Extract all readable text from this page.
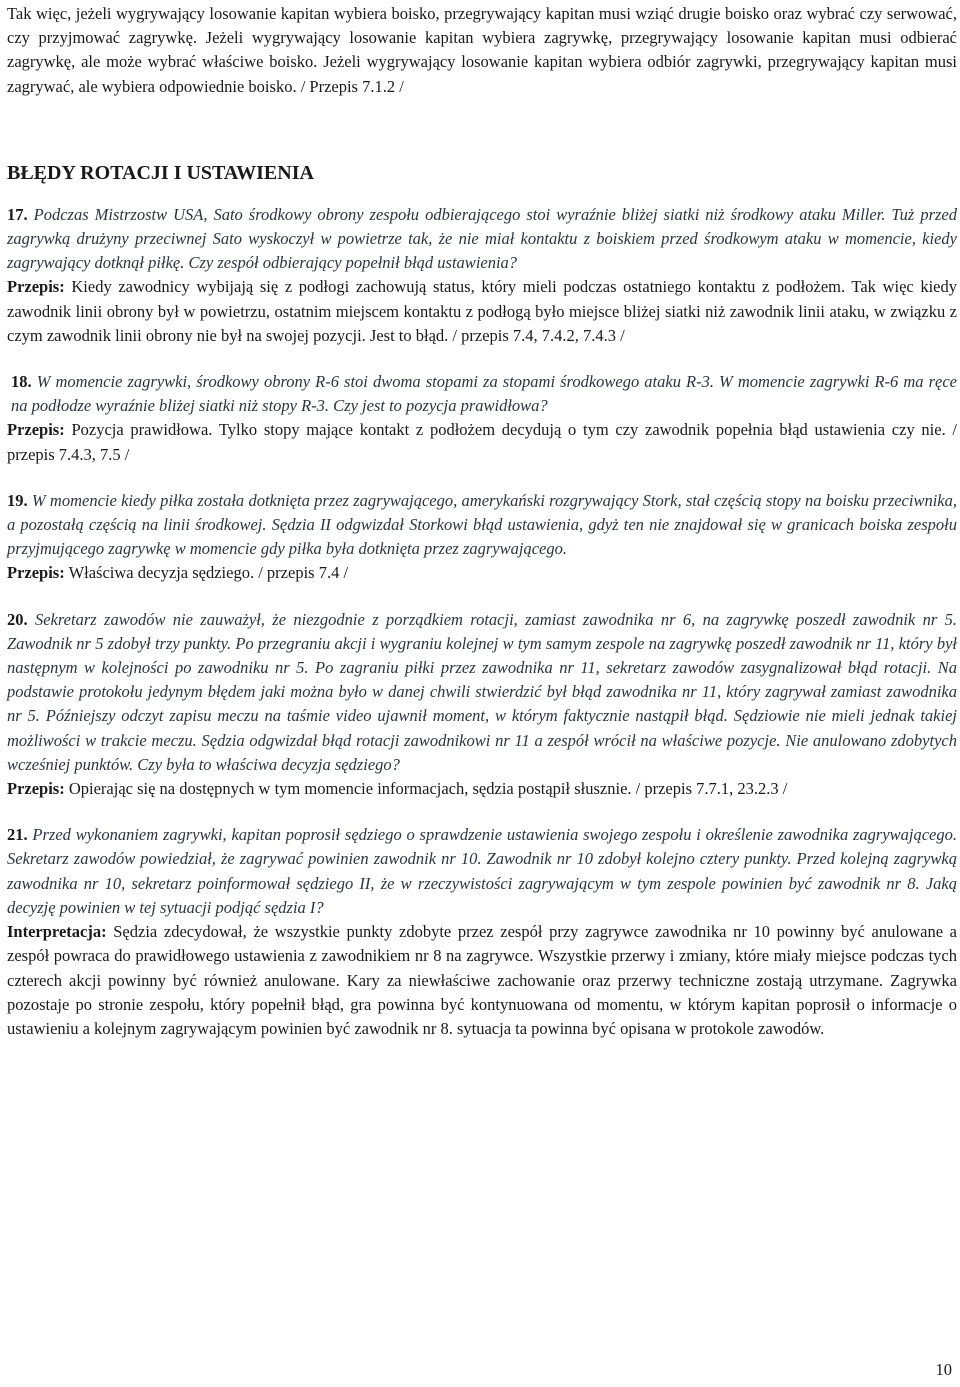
Tak więc, jeżeli wygrywający losowanie kapitan wybiera boisko, przegrywający kapitan musi wziąć drugie boisko oraz wybrać czy serwować, czy przyjmować zagrywkę. Jeżeli wygrywający losowanie kapitan wybiera zagrywkę, przegrywający losowanie kapitan musi odbierać zagrywkę, ale może wybrać właściwe boisko. Jeżeli wygrywający losowanie kapitan wybiera odbiór zagrywki, przegrywający kapitan musi zagrywać, ale wybiera odpowiednie boisko. / Przepis 7.1.2 /

BŁĘDY ROTACJI I USTAWIENIA

17. Podczas Mistrzostw USA, Sato środkowy obrony zespołu odbierającego stoi wyraźnie bliżej siatki niż środkowy ataku Miller. Tuż przed zagrywką drużyny przeciwnej Sato wyskoczył w powietrze tak, że nie miał kontaktu z boiskiem przed środkowym ataku w momencie, kiedy zagrywający dotknął piłkę. Czy zespół odbierający popełnił błąd ustawienia?

Przepis: Kiedy zawodnicy wybijają się z podłogi zachowują status, który mieli podczas ostatniego kontaktu z podłożem. Tak więc kiedy zawodnik linii obrony był w powietrzu, ostatnim miejscem kontaktu z podłogą było miejsce bliżej siatki niż zawodnik linii ataku, w związku z czym zawodnik linii obrony nie był na swojej pozycji. Jest to błąd. / przepis 7.4, 7.4.2, 7.4.3 /

18. W momencie zagrywki, środkowy obrony R-6 stoi dwoma stopami za stopami środkowego ataku R-3. W momencie zagrywki R-6 ma ręce na podłodze wyraźnie bliżej siatki niż stopy R-3. Czy jest to pozycja prawidłowa?

Przepis: Pozycja prawidłowa. Tylko stopy mające kontakt z podłożem decydują o tym czy zawodnik popełnia błąd ustawienia czy nie. / przepis 7.4.3, 7.5 /

19. W momencie kiedy piłka została dotknięta przez zagrywającego, amerykański rozgrywający Stork, stał częścią stopy na boisku przeciwnika, a pozostałą częścią na linii środkowej. Sędzia II odgwizdał Storkowi błąd ustawienia, gdyż ten nie znajdował się w granicach boiska zespołu przyjmującego zagrywkę w momencie gdy piłka była dotknięta przez zagrywającego.

Przepis: Właściwa decyzja sędziego. / przepis 7.4 /

20. Sekretarz zawodów nie zauważył, że niezgodnie z porządkiem rotacji, zamiast zawodnika nr 6, na zagrywkę poszedł zawodnik nr 5. Zawodnik nr 5 zdobył trzy punkty. Po przegraniu akcji i wygraniu kolejnej w tym samym zespole na zagrywkę poszedł zawodnik nr 11, który był następnym w kolejności po zawodniku nr 5. Po zagraniu piłki przez zawodnika nr 11, sekretarz zawodów zasygnalizował błąd rotacji. Na podstawie protokołu jedynym błędem jaki można było w danej chwili stwierdzić był błąd zawodnika nr 11, który zagrywał zamiast zawodnika nr 5. Późniejszy odczyt zapisu meczu na taśmie video ujawnił moment, w którym faktycznie nastąpił błąd. Sędziowie nie mieli jednak takiej możliwości w trakcie meczu. Sędzia odgwizdał błąd rotacji zawodnikowi nr 11 a zespół wrócił na właściwe pozycje. Nie anulowano zdobytych wcześniej punktów. Czy była to właściwa decyzja sędziego?

Przepis: Opierając się na dostępnych w tym momencie informacjach, sędzia postąpił słusznie. / przepis 7.7.1, 23.2.3 /

21. Przed wykonaniem zagrywki, kapitan poprosił sędziego o sprawdzenie ustawienia swojego zespołu i określenie zawodnika zagrywającego. Sekretarz zawodów powiedział, że zagrywać powinien zawodnik nr 10. Zawodnik nr 10 zdobył kolejno cztery punkty. Przed kolejną zagrywką zawodnika nr 10, sekretarz poinformował sędziego II, że w rzeczywistości zagrywającym w tym zespole powinien być zawodnik nr 8. Jaką decyzję powinien w tej sytuacji podjąć sędzia I?

Interpretacja: Sędzia zdecydował, że wszystkie punkty zdobyte przez zespół przy zagrywce zawodnika nr 10 powinny być anulowane a zespół powraca do prawidłowego ustawienia z zawodnikiem nr 8 na zagrywce. Wszystkie przerwy i zmiany, które miały miejsce podczas tych czterech akcji powinny być również anulowane. Kary za niewłaściwe zachowanie oraz przerwy techniczne zostają utrzymane. Zagrywka pozostaje po stronie zespołu, który popełnił błąd, gra powinna być kontynuowana od momentu, w którym kapitan poprosił o informacje o ustawieniu a kolejnym zagrywającym powinien być zawodnik nr 8. sytuacja ta powinna być opisana w protokole zawodów.

10
